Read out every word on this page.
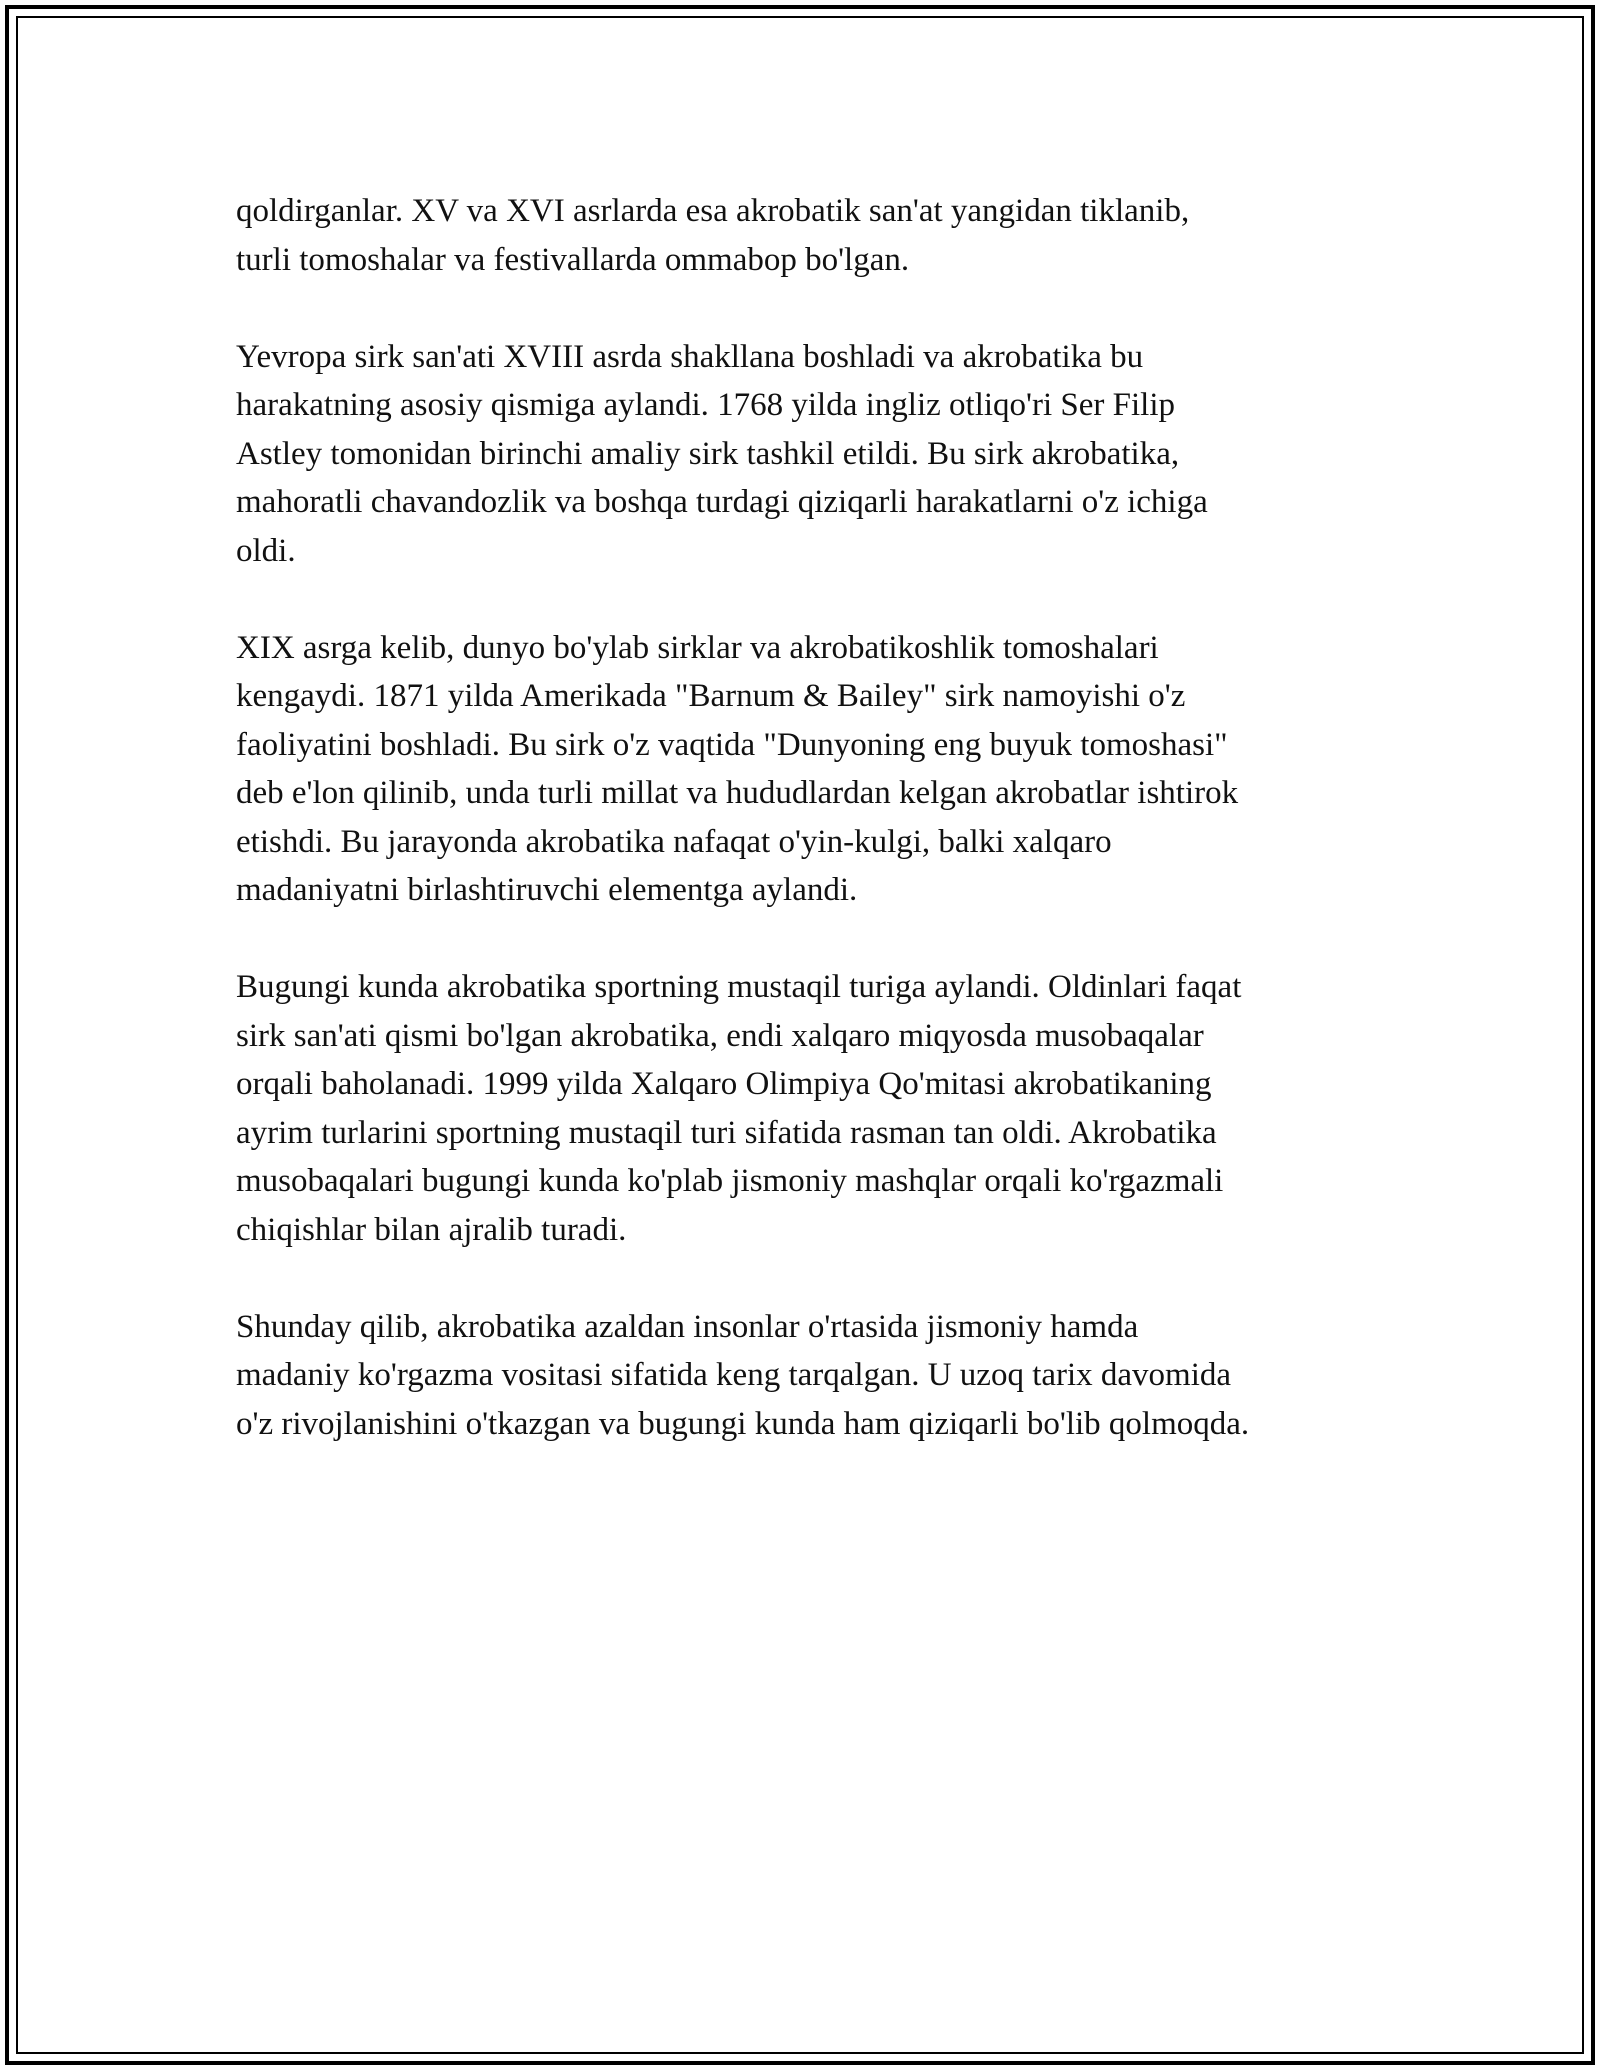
qoldirganlar. XV va XVI asrlarda esa akrobatik san'at yangidan tiklanib,
turli tomoshalar va festivallarda ommabop bo'lgan.

Yevropa sirk san'ati XVIII asrda shakllana boshladi va akrobatika bu
harakatning asosiy qismiga aylandi. 1768 yilda ingliz otliqo'ri Ser Filip
Astley tomonidan birinchi amaliy sirk tashkil etildi. Bu sirk akrobatika,
mahoratli chavandozlik va boshqa turdagi qiziqarli harakatlarni o'z ichiga
oldi.

XIX asrga kelib, dunyo bo'ylab sirklar va akrobatikoshlik tomoshalari
kengaydi. 1871 yilda Amerikada "Barnum & Bailey" sirk namoyishi o'z
faoliyatini boshladi. Bu sirk o'z vaqtida "Dunyoning eng buyuk tomoshasi"
deb e'lon qilinib, unda turli millat va hududlardan kelgan akrobatlar ishtirok
etishdi. Bu jarayonda akrobatika nafaqat o'yin-kulgi, balki xalqaro
madaniyatni birlashtiruvchi elementga aylandi.

Bugungi kunda akrobatika sportning mustaqil turiga aylandi. Oldinlari faqat
sirk san'ati qismi bo'lgan akrobatika, endi xalqaro miqyosda musobaqalar
orqali baholanadi. 1999 yilda Xalqaro Olimpiya Qo'mitasi akrobatikaning
ayrim turlarini sportning mustaqil turi sifatida rasman tan oldi. Akrobatika
musobaqalari bugungi kunda ko'plab jismoniy mashqlar orqali ko'rgazmali
chiqishlar bilan ajralib turadi.

Shunday qilib, akrobatika azaldan insonlar o'rtasida jismoniy hamda
madaniy ko'rgazma vositasi sifatida keng tarqalgan. U uzoq tarix davomida
o'z rivojlanishini o'tkazgan va bugungi kunda ham qiziqarli bo'lib qolmoqda.
